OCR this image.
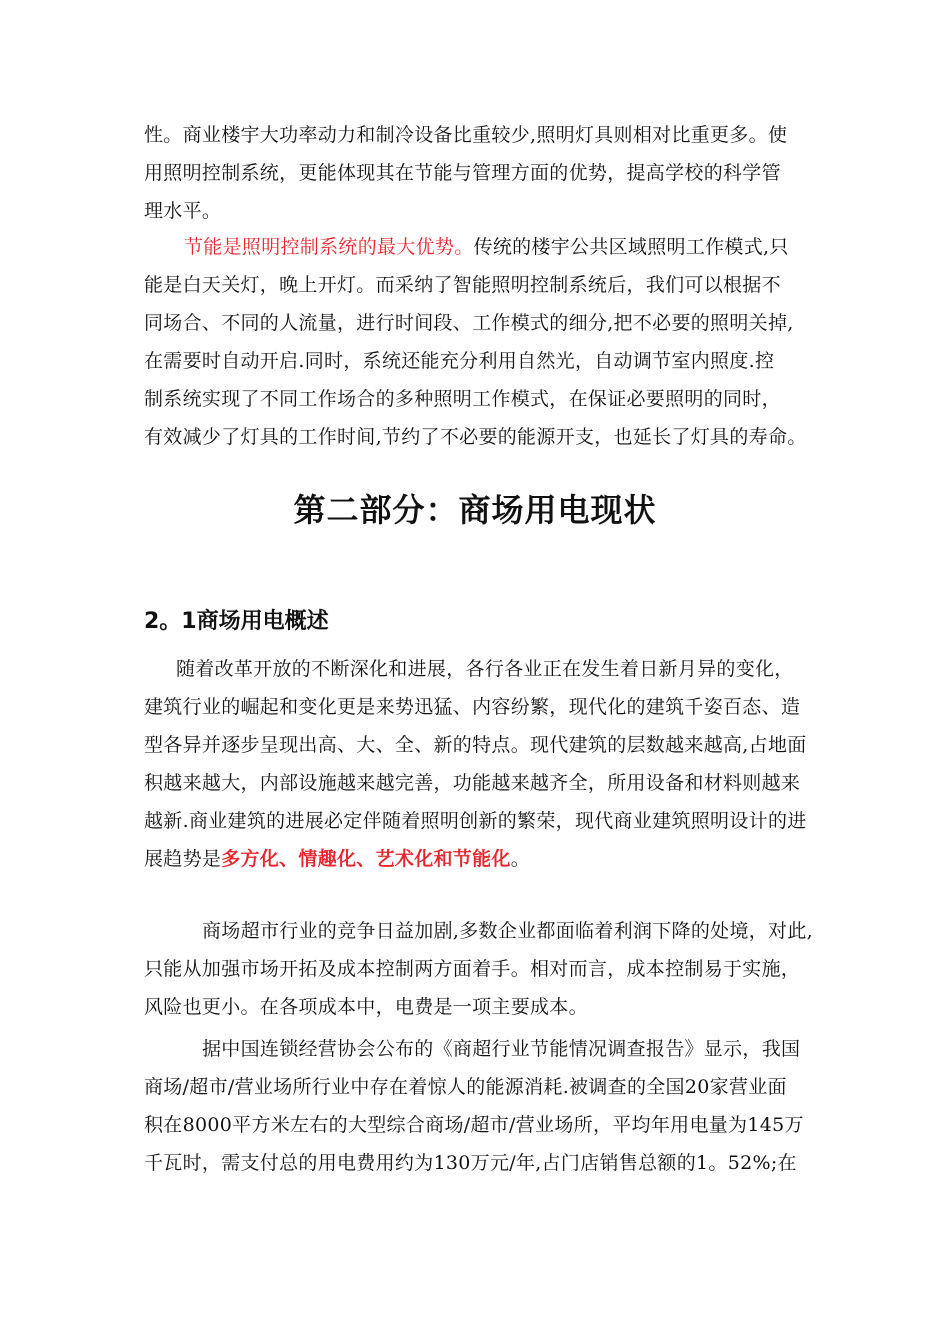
性。商业楼宇大功率动力和制冷设备比重较少,照明灯具则相对比重更多。使
用照明控制系统，更能体现其在节能与管理方面的优势，提高学校的科学管
理水平。
节能是照明控制系统的最大优势。传统的楼宇公共区域照明工作模式,只
能是白天关灯，晚上开灯。而采纳了智能照明控制系统后，我们可以根据不
同场合、不同的人流量，进行时间段、工作模式的细分,把不必要的照明关掉,
在需要时自动开启.同时，系统还能充分利用自然光，自动调节室内照度.控
制系统实现了不同工作场合的多种照明工作模式，在保证必要照明的同时，
有效减少了灯具的工作时间,节约了不必要的能源开支，也延长了灯具的寿命。
第二部分：商场用电现状
2。1商场用电概述
随着改革开放的不断深化和进展，各行各业正在发生着日新月异的变化，
建筑行业的崛起和变化更是来势迅猛、内容纷繁，现代化的建筑千姿百态、造
型各异并逐步呈现出高、大、全、新的特点。现代建筑的层数越来越高,占地面
积越来越大，内部设施越来越完善，功能越来越齐全，所用设备和材料则越来
越新.商业建筑的进展必定伴随着照明创新的繁荣，现代商业建筑照明设计的进
展趋势是多方化、情趣化、艺术化和节能化。
商场超市行业的竞争日益加剧,多数企业都面临着利润下降的处境，对此,
只能从加强市场开拓及成本控制两方面着手。相对而言，成本控制易于实施，
风险也更小。在各项成本中，电费是一项主要成本。
据中国连锁经营协会公布的《商超行业节能情况调查报告》显示，我国
商场/超市/营业场所行业中存在着惊人的能源消耗.被调查的全国20家营业面
积在8000平方米左右的大型综合商场/超市/营业场所，平均年用电量为145万
千瓦时，需支付总的用电费用约为130万元/年,占门店销售总额的1。52%;在
